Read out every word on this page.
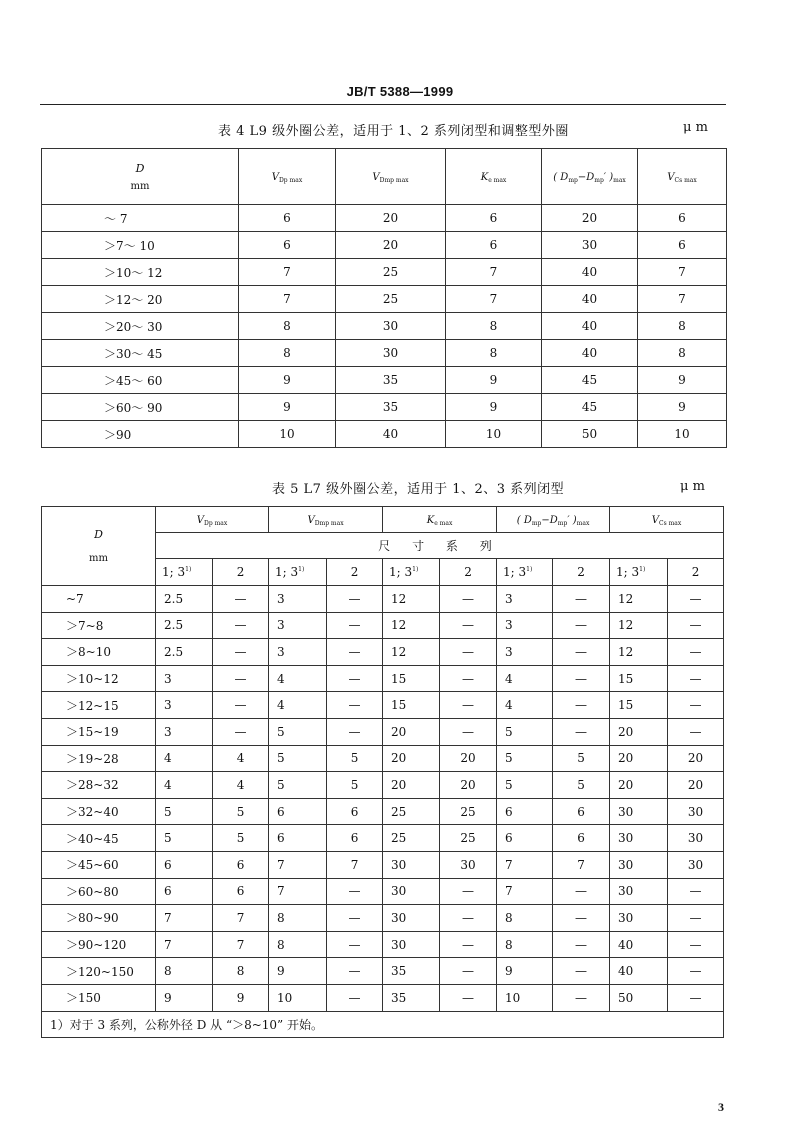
JB/T 5388—1999
表 4 L9 级外圈公差，适用于 1、2 系列闭型和调整型外圈	μ m
D
mm	$V_{Dp max}$	$V_{Dmp max}$	$K_{e max}$	( $D_{mp}-D_{mp}'$ )$_{max}$	$V_{Cs max}$
～ 7	6	20	6	20	6
＞7～ 10	6	20	6	30	6
＞10～ 12	7	25	7	40	7
＞12～ 20	7	25	7	40	7
＞20～ 30	8	30	8	40	8
＞30～ 45	8	30	8	40	8
＞45～ 60	9	35	9	45	9
＞60～ 90	9	35	9	45	9
＞90	10	40	10	50	10
表 5 L7 级外圈公差，适用于 1、2、3 系列闭型	μ m
D
mm	$V_{Dp max}$		$V_{Dmp max}$		$K_{e max}$		( $D_{mp}-D_{mp}'$ )$_{max}$		$V_{Cs max}$
	尺 寸 系 列									
	1; 3$^{1)}$	2	1; 3$^{1)}$	2	1; 3$^{1)}$	2	1; 3$^{1)}$	2	1; 3$^{1)}$	2
~7	2.5	—	3	—	12	—	3	—	12	—
＞7~8	2.5	—	3	—	12	—	3	—	12	—
＞8~10	2.5	—	3	—	12	—	3	—	12	—
＞10~12	3	—	4	—	15	—	4	—	15	—
＞12~15	3	—	4	—	15	—	4	—	15	—
＞15~19	3	—	5	—	20	—	5	—	20	—
＞19~28	4	4	5	5	20	20	5	5	20	20
＞28~32	4	4	5	5	20	20	5	5	20	20
＞32~40	5	5	6	6	25	25	6	6	30	30
＞40~45	5	5	6	6	25	25	6	6	30	30
＞45~60	6	6	7	7	30	30	7	7	30	30
＞60~80	6	6	7	—	30	—	7	—	30	—
＞80~90	7	7	8	—	30	—	8	—	30	—
＞90~120	7	7	8	—	30	—	8	—	40	—
＞120~150	8	8	9	—	35	—	9	—	40	—
＞150	9	9	10	—	35	—	10	—	50	—
1）对于 3 系列，公称外径 D 从 “＞8~10” 开始。										
3
